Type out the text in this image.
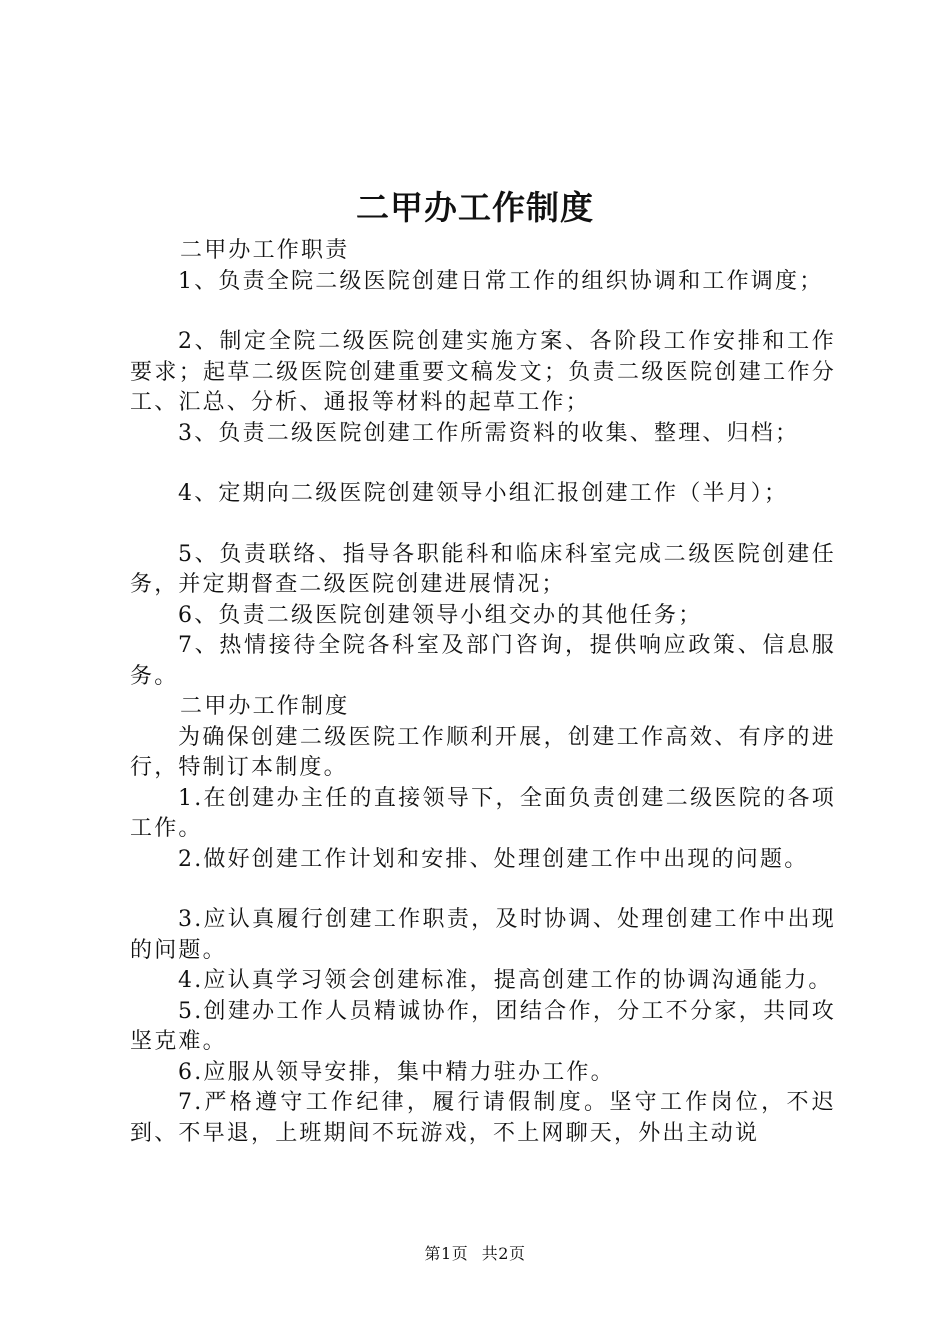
二甲办工作制度

二甲办工作职责

1、负责全院二级医院创建日常工作的组织协调和工作调度；

2、制定全院二级医院创建实施方案、各阶段工作安排和工作要求；起草二级医院创建重要文稿发文；负责二级医院创建工作分工、汇总、分析、通报等材料的起草工作；

3、负责二级医院创建工作所需资料的收集、整理、归档；

4、定期向二级医院创建领导小组汇报创建工作（半月）；

5、负责联络、指导各职能科和临床科室完成二级医院创建任务，并定期督查二级医院创建进展情况；

6、负责二级医院创建领导小组交办的其他任务；

7、热情接待全院各科室及部门咨询，提供响应政策、信息服务。

二甲办工作制度

为确保创建二级医院工作顺利开展，创建工作高效、有序的进行，特制订本制度。

1.在创建办主任的直接领导下，全面负责创建二级医院的各项工作。

2.做好创建工作计划和安排、处理创建工作中出现的问题。

3.应认真履行创建工作职责，及时协调、处理创建工作中出现的问题。

4.应认真学习领会创建标准，提高创建工作的协调沟通能力。

5.创建办工作人员精诚协作，团结合作，分工不分家，共同攻坚克难。

6.应服从领导安排，集中精力驻办工作。

7.严格遵守工作纪律，履行请假制度。坚守工作岗位，不迟到、不早退，上班期间不玩游戏，不上网聊天，外出主动说

第1页 共2页
